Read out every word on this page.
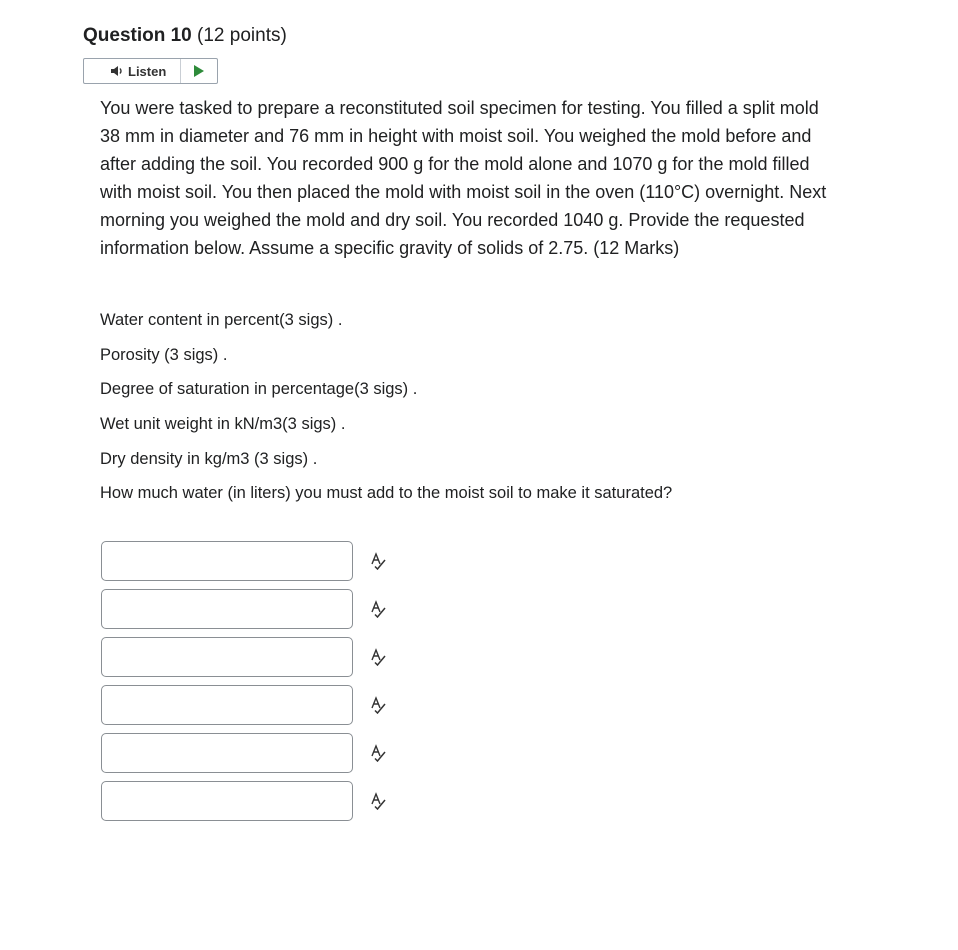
Question 10 (12 points)
Listen
You were tasked to prepare a reconstituted soil specimen for testing. You filled a split mold 38 mm in diameter and 76 mm in height with moist soil. You weighed the mold before and after adding the soil. You recorded 900 g for the mold alone and 1070 g for the mold filled with moist soil. You then placed the mold with moist soil in the oven (110°C) overnight. Next morning you weighed the mold and dry soil. You recorded 1040 g. Provide the requested information below. Assume a specific gravity of solids of 2.75. (12 Marks)
Water content in percent(3 sigs) .
Porosity (3 sigs) .
Degree of saturation in percentage(3 sigs) .
Wet unit weight in kN/m3(3 sigs) .
Dry density in kg/m3 (3 sigs) .
How much water (in liters) you must add to the moist soil to make it saturated?
